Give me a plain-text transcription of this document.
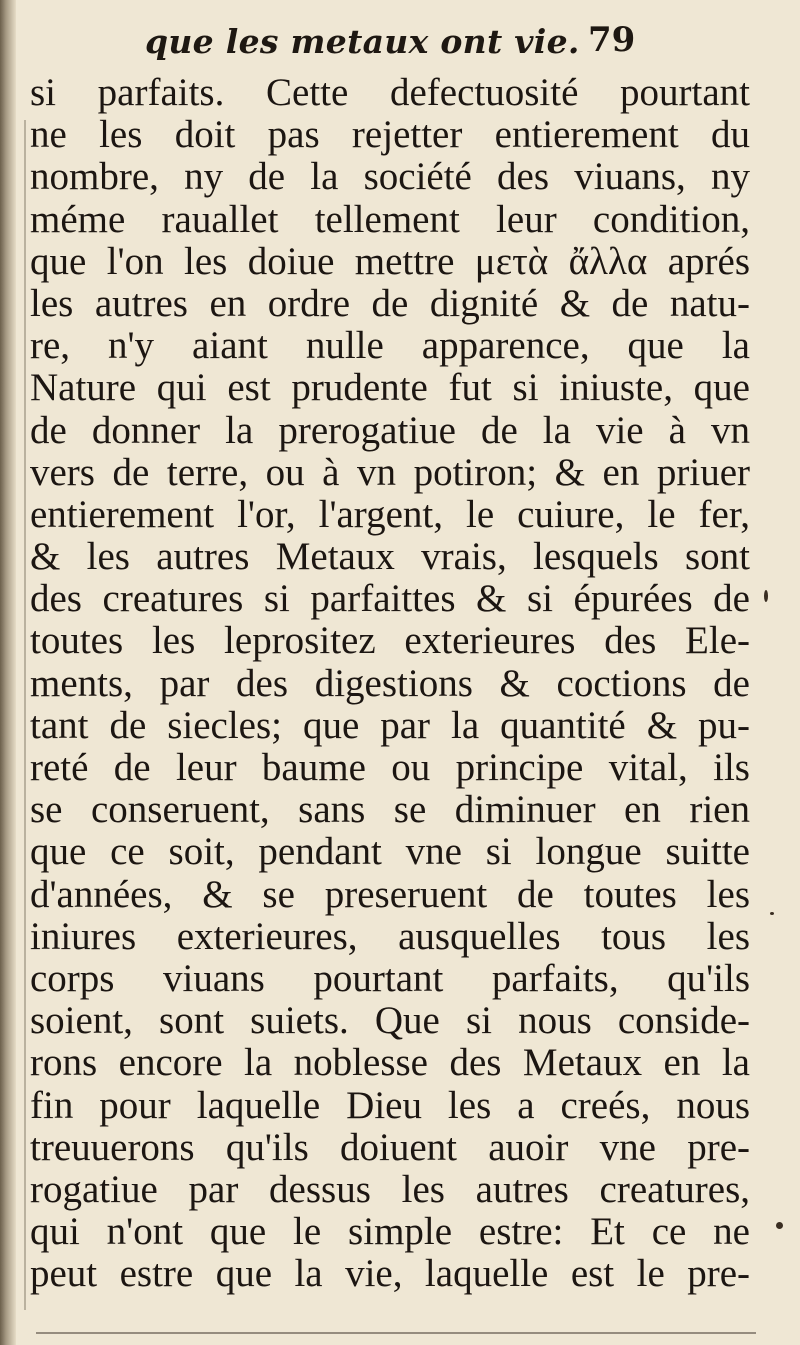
que les metaux ont vie. 79
si parfaits. Cette defectuosité pourtant
ne les doit pas rejetter entierement du
nombre, ny de la société des viuans, ny
méme rauallet tellement leur condition,
que l'on les doiue mettre μετὰ ἄλλα aprés
les autres en ordre de dignité & de natu-
re, n'y aiant nulle apparence, que la
Nature qui est prudente fut si iniuste, que
de donner la prerogatiue de la vie à vn
vers de terre, ou à vn potiron; & en priuer
entierement l'or, l'argent, le cuiure, le fer,
& les autres Metaux vrais, lesquels sont
des creatures si parfaittes & si épurées de
toutes les leprositez exterieures des Ele-
ments, par des digestions & coctions de
tant de siecles; que par la quantité & pu-
reté de leur baume ou principe vital, ils
se conseruent, sans se diminuer en rien
que ce soit, pendant vne si longue suitte
d'années, & se preseruent de toutes les
iniures exterieures, ausquelles tous les
corps viuans pourtant parfaits, qu'ils
soient, sont suiets. Que si nous conside-
rons encore la noblesse des Metaux en la
fin pour laquelle Dieu les a creés, nous
treuuerons qu'ils doiuent auoir vne pre-
rogatiue par dessus les autres creatures,
qui n'ont que le simple estre: Et ce ne
peut estre que la vie, laquelle est le pre-
